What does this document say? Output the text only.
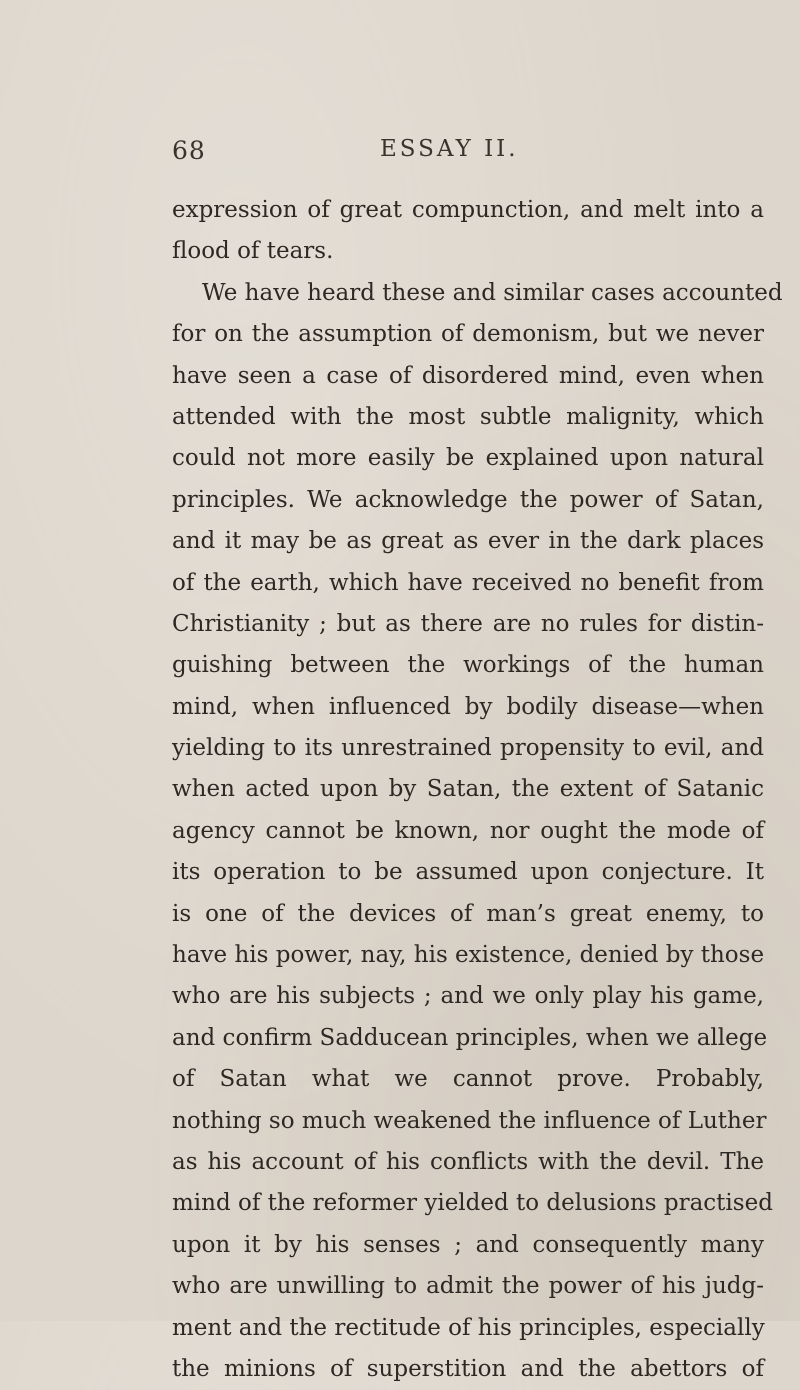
68	ESSAY II.
expression of great compunction, and melt into a
flood of tears.
We have heard these and similar cases accounted
for on the assumption of demonism, but we never
have seen a case of disordered mind, even when
attended with the most subtle malignity, which
could not more easily be explained upon natural
principles. We acknowledge the power of Satan,
and it may be as great as ever in the dark places
of the earth, which have received no benefit from
Christianity ; but as there are no rules for distin-
guishing between the workings of the human
mind, when influenced by bodily disease—when
yielding to its unrestrained propensity to evil, and
when acted upon by Satan, the extent of Satanic
agency cannot be known, nor ought the mode of
its operation to be assumed upon conjecture. It
is one of the devices of man’s great enemy, to
have his power, nay, his existence, denied by those
who are his subjects ; and we only play his game,
and confirm Sadducean principles, when we allege
of Satan what we cannot prove. Probably,
nothing so much weakened the influence of Luther
as his account of his conflicts with the devil. The
mind of the reformer yielded to delusions practised
upon it by his senses ; and consequently many
who are unwilling to admit the power of his judg-
ment and the rectitude of his principles, especially
the minions of superstition and the abettors of
